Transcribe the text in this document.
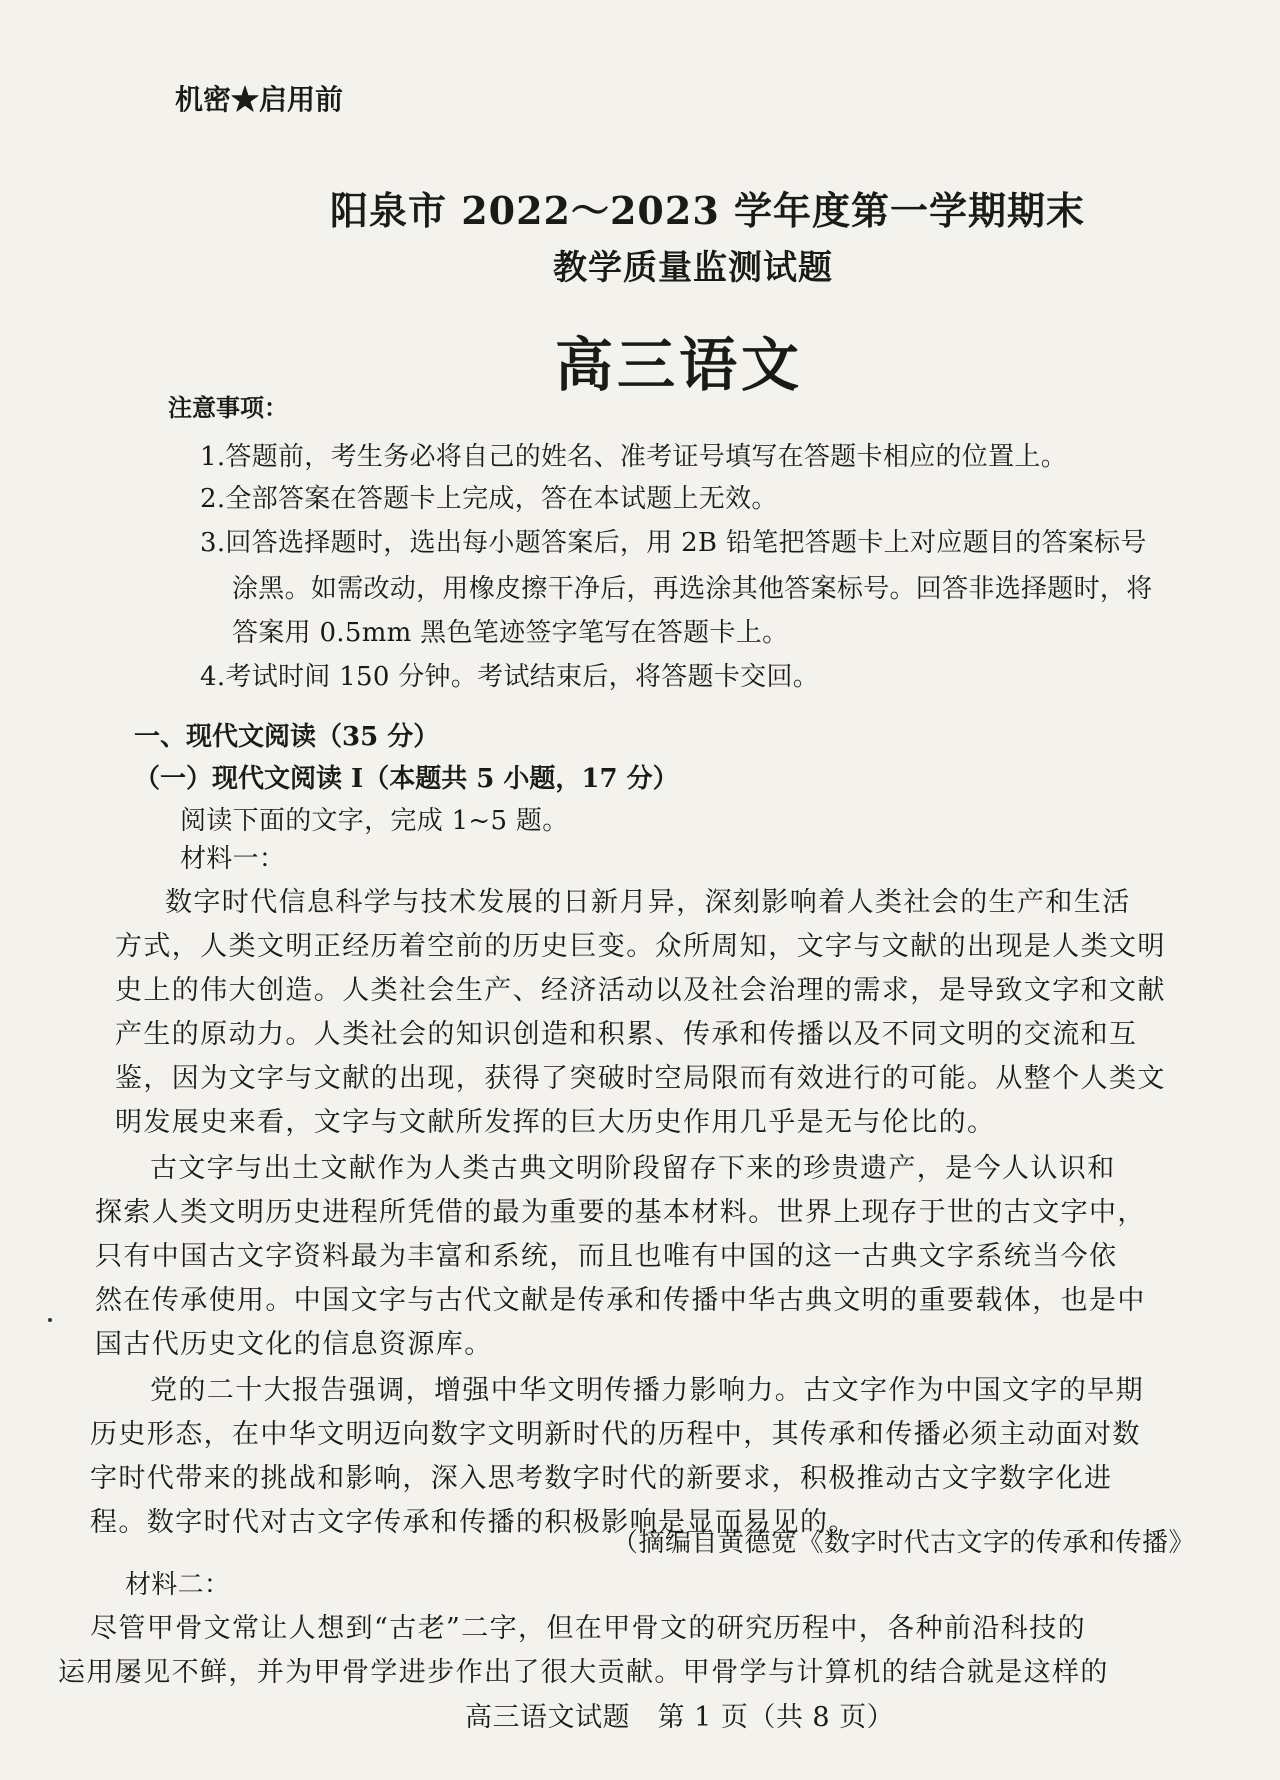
机密★启用前
阳泉市 2022～2023 学年度第一学期期末
教学质量监测试题
高三语文
注意事项：
1.答题前，考生务必将自己的姓名、准考证号填写在答题卡相应的位置上。
2.全部答案在答题卡上完成，答在本试题上无效。
3.回答选择题时，选出每小题答案后，用 2B 铅笔把答题卡上对应题目的答案标号
涂黑。如需改动，用橡皮擦干净后，再选涂其他答案标号。回答非选择题时，将
答案用 0.5mm 黑色笔迹签字笔写在答题卡上。
4.考试时间 150 分钟。考试结束后，将答题卡交回。
一、现代文阅读（35 分）
（一）现代文阅读 I（本题共 5 小题，17 分）
阅读下面的文字，完成 1~5 题。
材料一：
数字时代信息科学与技术发展的日新月异，深刻影响着人类社会的生产和生活
方式，人类文明正经历着空前的历史巨变。众所周知，文字与文献的出现是人类文明
史上的伟大创造。人类社会生产、经济活动以及社会治理的需求，是导致文字和文献
产生的原动力。人类社会的知识创造和积累、传承和传播以及不同文明的交流和互
鉴，因为文字与文献的出现，获得了突破时空局限而有效进行的可能。从整个人类文
明发展史来看，文字与文献所发挥的巨大历史作用几乎是无与伦比的。
古文字与出土文献作为人类古典文明阶段留存下来的珍贵遗产，是今人认识和
探索人类文明历史进程所凭借的最为重要的基本材料。世界上现存于世的古文字中，
只有中国古文字资料最为丰富和系统，而且也唯有中国的这一古典文字系统当今依
然在传承使用。中国文字与古代文献是传承和传播中华古典文明的重要载体，也是中
国古代历史文化的信息资源库。
党的二十大报告强调，增强中华文明传播力影响力。古文字作为中国文字的早期
历史形态，在中华文明迈向数字文明新时代的历程中，其传承和传播必须主动面对数
字时代带来的挑战和影响，深入思考数字时代的新要求，积极推动古文字数字化进
程。数字时代对古文字传承和传播的积极影响是显而易见的。
（摘编自黄德宽《数字时代古文字的传承和传播》
材料二：
尽管甲骨文常让人想到“古老”二字，但在甲骨文的研究历程中，各种前沿科技的
高三语文试题　第 1 页（共 8 页）
运用屡见不鲜，并为甲骨学进步作出了很大贡献。甲骨学与计算机的结合就是这样的
